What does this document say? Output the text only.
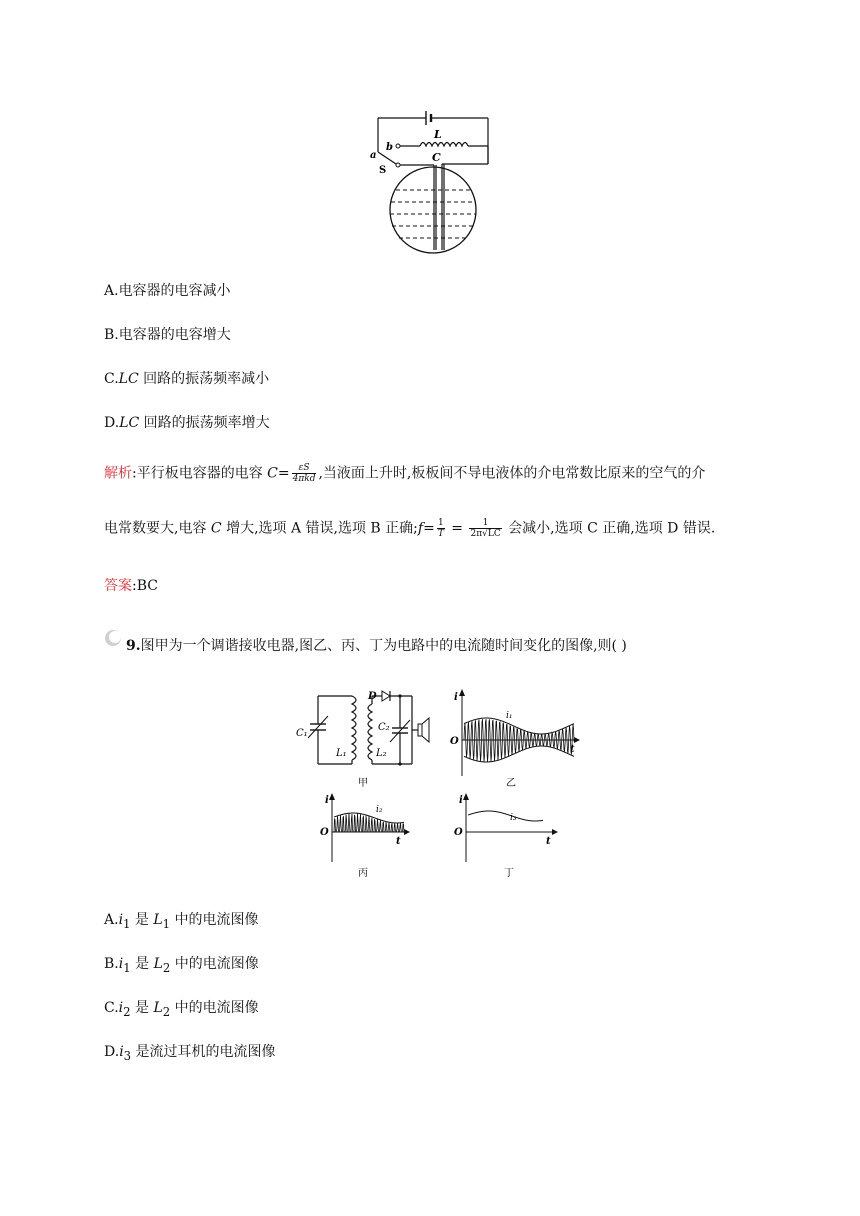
L
C
b
a
S
A.电容器的电容减小
B.电容器的电容增大
C.LC 回路的振荡频率减小
D.LC 回路的振荡频率增大
解析:平行板电容器的电容 $C= \frac{\varepsilon S}{\text{4πkd}}$ ,当液面上升时,板板间不导电液体的介电常数比原来的空气的介
电常数要大,电容 C 增大,选项 A 错误,选项 B 正确;f= $\frac{1}{T} = \frac{1}{2\pi√LC}$ 会减小,选项 C 正确,选项 D 错误.
答案:BC
9.图甲为一个调谐接收电器,图乙、丙、丁为电路中的电流随时间变化的图像,则( )
C₁
L₁
D
C₂
L₂
甲
i
O
t
i₁
乙
i
O
t
i₂
丙
i
O
t
i₃
丁
$A.i_1$ 是 $L_1$ 中的电流图像
$B.i_1$ 是 $L_2$ 中的电流图像
$C.i_2$ 是 $L_2$ 中的电流图像
$D.i_3$ 是流过耳机的电流图像
